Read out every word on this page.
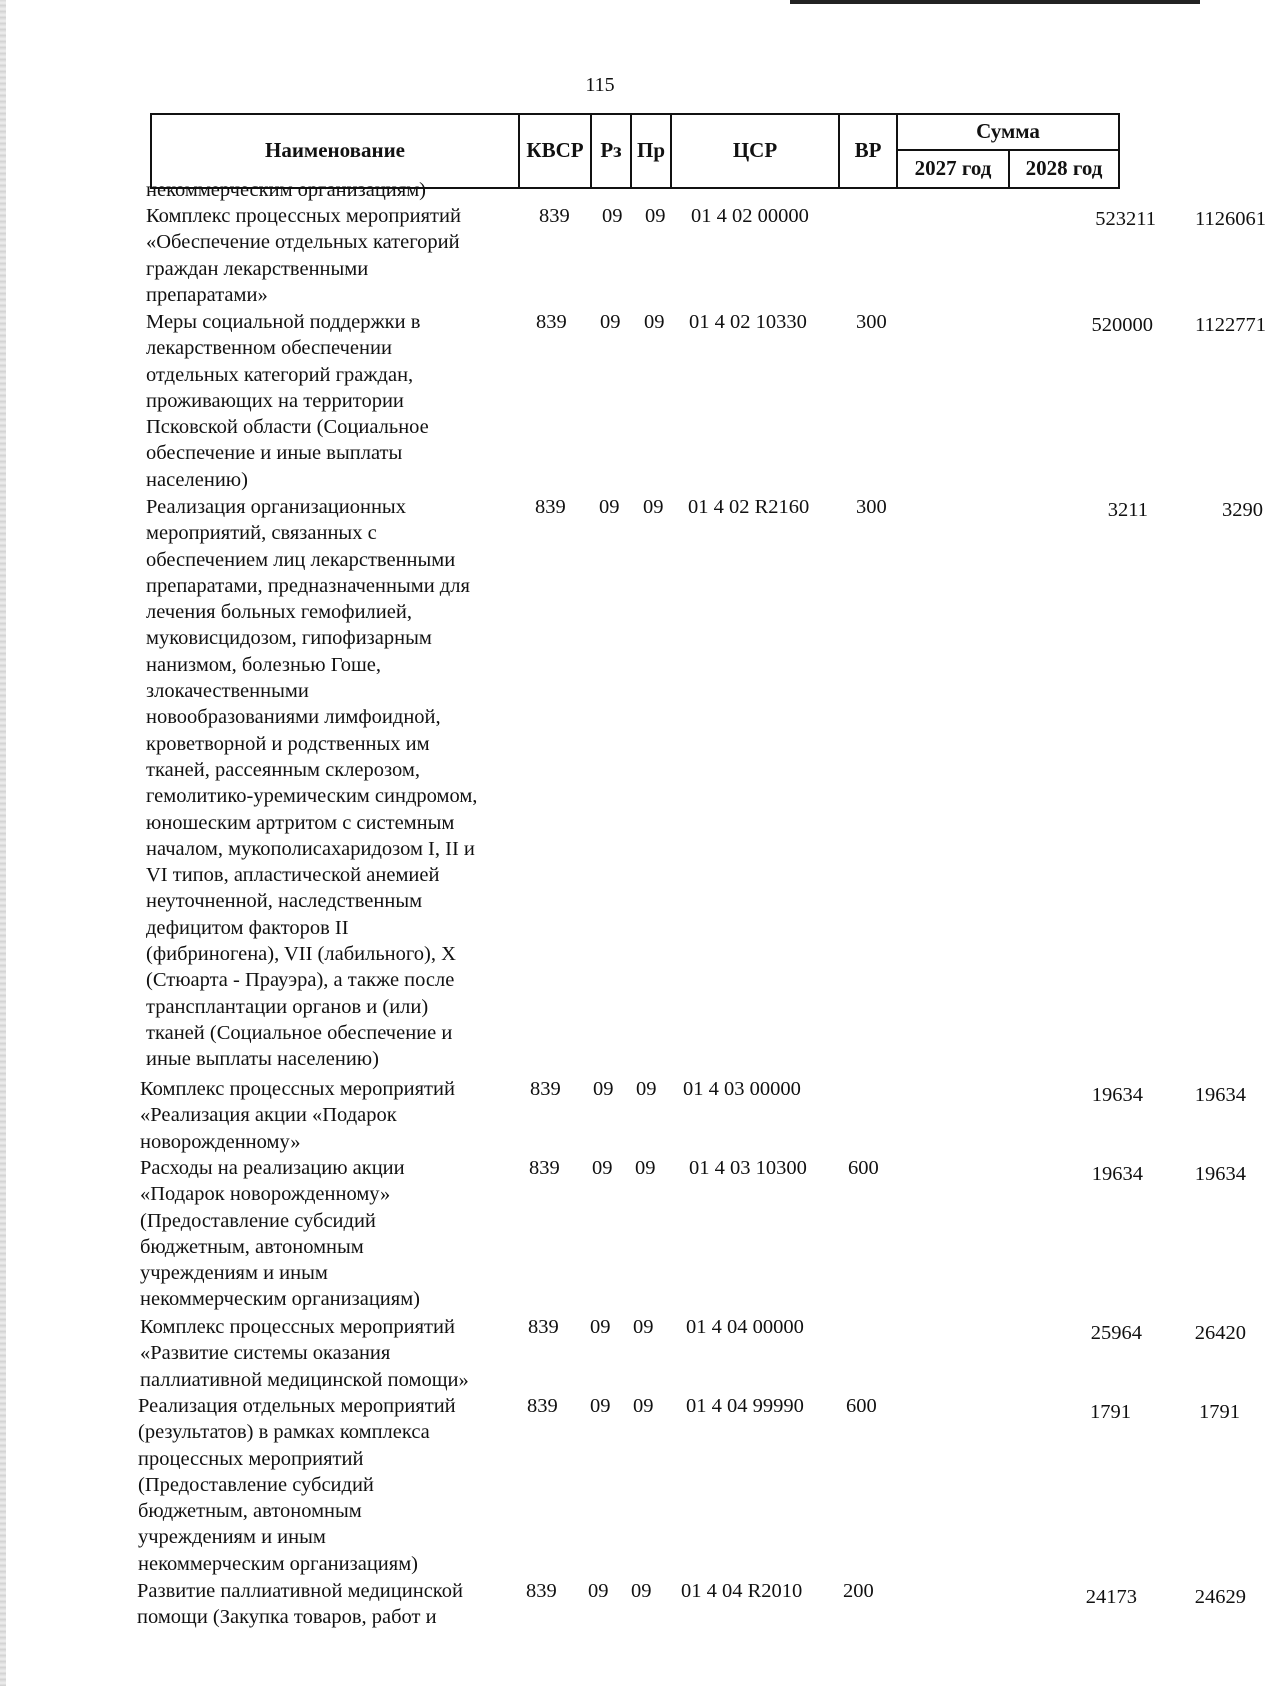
115
Наименование	КВСР	Рз	Пр	ЦСР	ВР	Сумма	
						2027 год	2028 год
некоммерческим организациям)
Комплекс процессных мероприятий
«Обеспечение отдельных категорий
граждан лекарственными
препаратами»
839 09 09 01 4 02 00000	523211	1126061
Меры социальной поддержки в
лекарственном обеспечении
отдельных категорий граждан,
проживающих на территории
Псковской области (Социальное
обеспечение и иные выплаты
населению)
839 09 09 01 4 02 10330 300	520000	1122771
Реализация организационных
мероприятий, связанных с
обеспечением лиц лекарственными
препаратами, предназначенными для
лечения больных гемофилией,
муковисцидозом, гипофизарным
нанизмом, болезнью Гоше,
злокачественными
новообразованиями лимфоидной,
кроветворной и родственных им
тканей, рассеянным склерозом,
гемолитико-уремическим синдромом,
юношеским артритом с системным
началом, мукополисахаридозом I, II и
VI типов, апластической анемией
неуточненной, наследственным
дефицитом факторов II
(фибриногена), VII (лабильного), X
(Стюарта - Прауэра), а также после
трансплантации органов и (или)
тканей (Социальное обеспечение и
иные выплаты населению)
839 09 09 01 4 02 R2160 300	3211	3290
Комплекс процессных мероприятий
«Реализация акции «Подарок
новорожденному»
839 09 09 01 4 03 00000	19634	19634
Расходы на реализацию акции
«Подарок новорожденному»
(Предоставление субсидий
бюджетным, автономным
учреждениям и иным
некоммерческим организациям)
839 09 09 01 4 03 10300 600	19634	19634
Комплекс процессных мероприятий
«Развитие системы оказания
паллиативной медицинской помощи»
839 09 09 01 4 04 00000	25964	26420
Реализация отдельных мероприятий
(результатов) в рамках комплекса
процессных мероприятий
(Предоставление субсидий
бюджетным, автономным
учреждениям и иным
некоммерческим организациям)
839 09 09 01 4 04 99990 600	1791	1791
Развитие паллиативной медицинской
помощи (Закупка товаров, работ и
839 09 09 01 4 04 R2010 200	24173	24629
